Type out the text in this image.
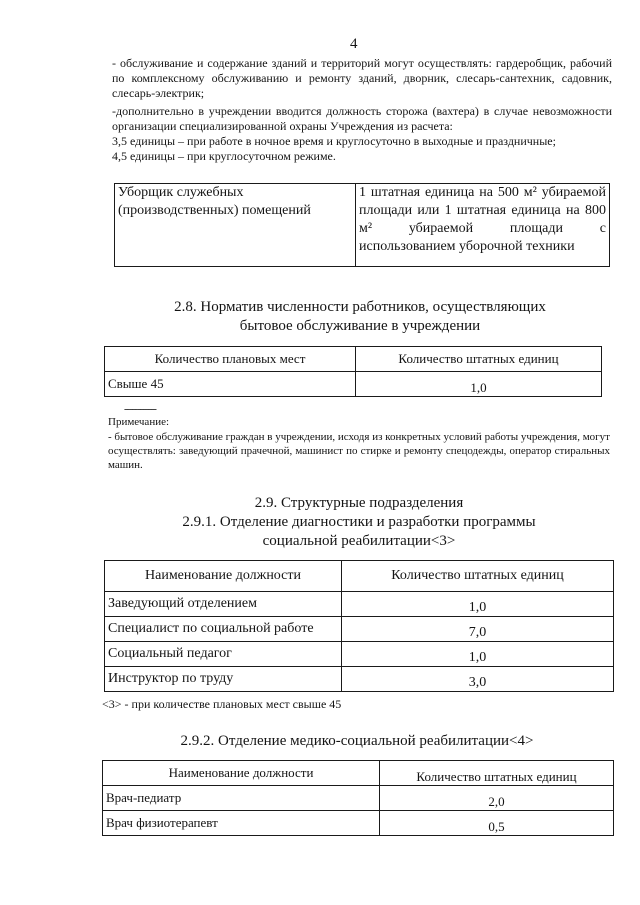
4

- обслуживание и содержание зданий и территорий могут осуществлять: гардеробщик, рабочий по комплексному обслуживанию и ремонту зданий, дворник, слесарь-сантехник, садовник, слесарь-электрик;

-дополнительно в учреждении вводится должность сторожа (вахтера) в случае невозможности организации специализированной охраны Учреждения из расчета:

3,5 единицы – при работе в ночное время и круглосуточно в выходные и праздничные;

4,5 единицы – при круглосуточном режиме.

Уборщик служебных (производственных) помещений	1 штатная единица на 500 м² убираемой площади или 1 штатная единица на 800 м² убираемой площади с использованием уборочной техники

2.8. Норматив численности работников, осуществляющих

бытовое обслуживание в учреждении

Количество плановых мест	Количество штатных единиц
Свыше 45	1,0
------------
Примечание:

- бытовое обслуживание граждан в учреждении, исходя из конкретных условий работы учреждения, могут осуществлять: заведующий прачечной, машинист по стирке и ремонту спецодежды, оператор стиральных машин.

2.9. Структурные подразделения

2.9.1. Отделение диагностики и разработки программы

социальной реабилитации<3>

Наименование должности	Количество штатных единиц
Заведующий отделением	1,0
Специалист по социальной работе	7,0
Социальный педагог	1,0
Инструктор по труду	3,0
<3> - при количестве плановых мест свыше 45

2.9.2. Отделение медико-социальной реабилитации<4>

Наименование должности	Количество штатных единиц
Врач-педиатр	2,0
Врач физиотерапевт	0,5
